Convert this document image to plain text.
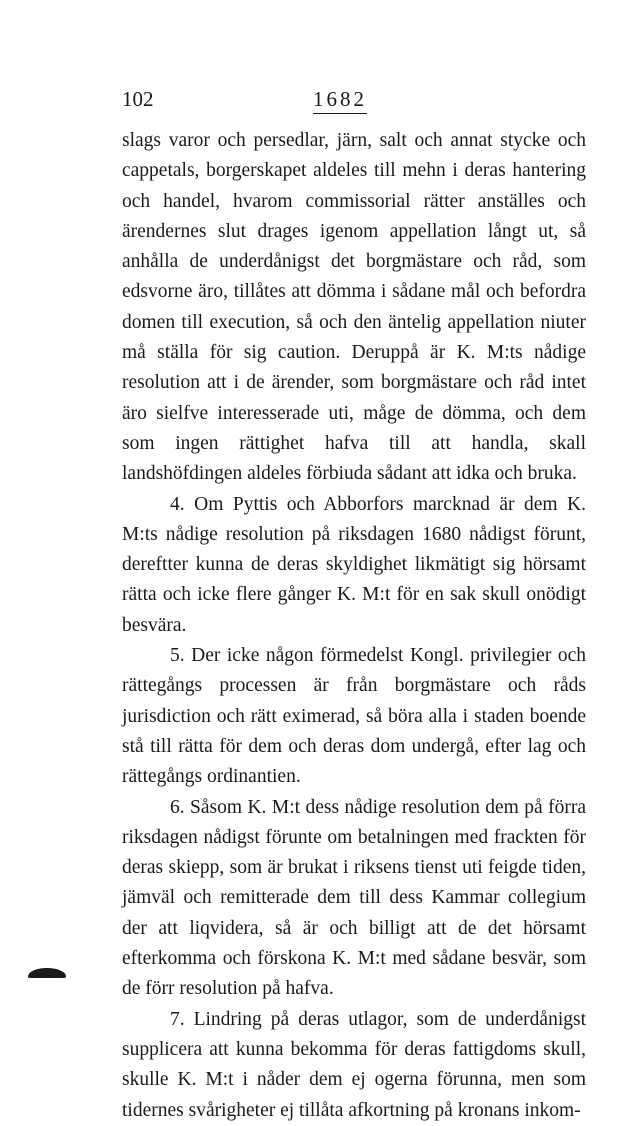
102	1682

slags varor och persedlar, järn, salt och annat stycke och cappetals, borgerskapet aldeles till mehn i deras hantering och handel, hvarom commissorial rätter anställes och ärendernes slut drages igenom appellation långt ut, så anhålla de underdånigst det borgmästare och råd, som edsvorne äro, tillåtes att dömma i sådane mål och befordra domen till execution, så och den äntelig appellation niuter må ställa för sig caution. Deruppå är K. M:ts nådige resolution att i de ärender, som borgmästare och råd intet äro sielfve interesserade uti, måge de dömma, och dem som ingen rättighet hafva till att handla, skall landshöfdingen aldeles förbiuda sådant att idka och bruka.

4. Om Pyttis och Abborfors marcknad är dem K. M:ts nådige resolution på riksdagen 1680 nådigst förunt, dereftter kunna de deras skyldighet likmätigt sig hörsamt rätta och icke flere gånger K. M:t för en sak skull onödigt besvära.

5. Der icke någon förmedelst Kongl. privilegier och rättegångs processen är från borgmästare och råds jurisdiction och rätt eximerad, så böra alla i staden boende stå till rätta för dem och deras dom undergå, efter lag och rättegångs ordinantien.

6. Såsom K. M:t dess nådige resolution dem på förra riksdagen nådigst förunte om betalningen med frackten för deras skiepp, som är brukat i riksens tienst uti feigde tiden, jämväl och remitterade dem till dess Kammar collegium der att liqvidera, så är och billigt att de det hörsamt efterkomma och förskona K. M:t med sådane besvär, som de förr resolution på hafva.

7. Lindring på deras utlagor, som de underdånigst supplicera att kunna bekomma för deras fattigdoms skull, skulle K. M:t i nåder dem ej ogerna förunna, men som tidernes svårigheter ej tillåta afkortning på kronans inkom-
